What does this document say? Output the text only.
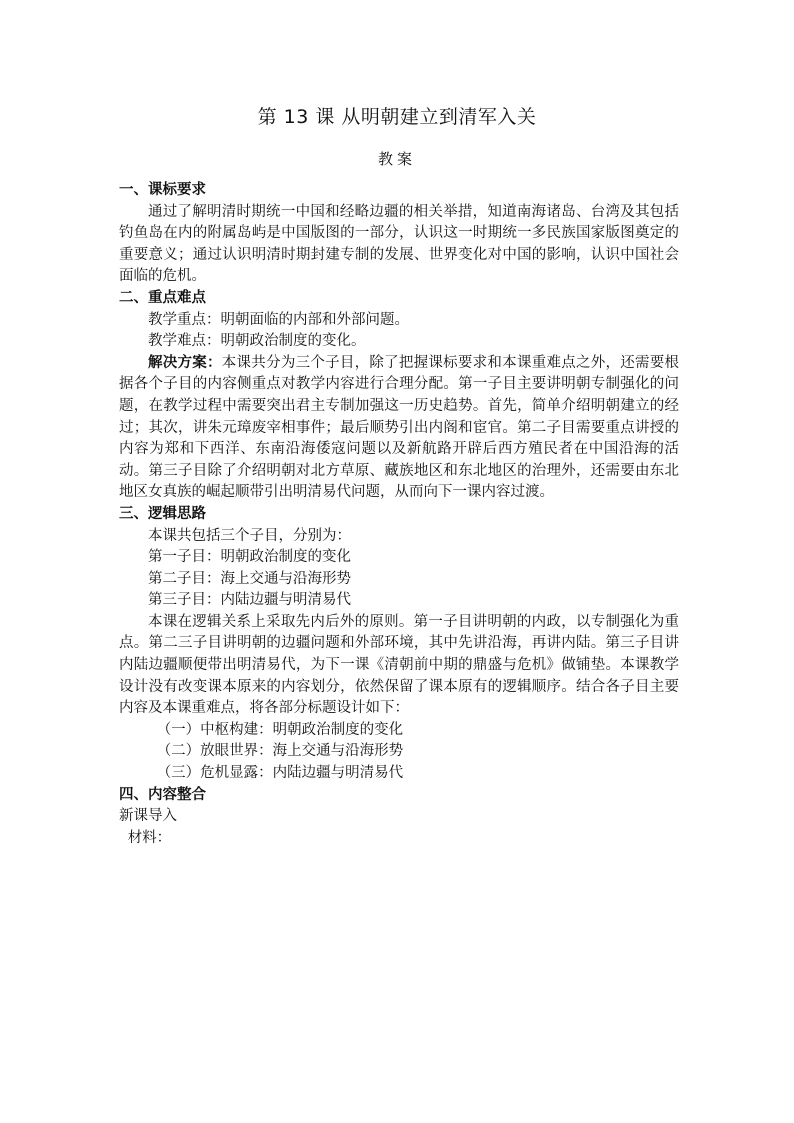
第 13 课 从明朝建立到清军入关
教案

一、课标要求

通过了解明清时期统一中国和经略边疆的相关举措，知道南海诸岛、台湾及其包括钓鱼岛在内的附属岛屿是中国版图的一部分，认识这一时期统一多民族国家版图奠定的重要意义；通过认识明清时期封建专制的发展、世界变化对中国的影响，认识中国社会面临的危机。

二、重点难点

教学重点：明朝面临的内部和外部问题。

教学难点：明朝政治制度的变化。

解决方案：本课共分为三个子目，除了把握课标要求和本课重难点之外，还需要根据各个子目的内容侧重点对教学内容进行合理分配。第一子目主要讲明朝专制强化的问题，在教学过程中需要突出君主专制加强这一历史趋势。首先，简单介绍明朝建立的经过；其次，讲朱元璋废宰相事件；最后顺势引出内阁和宦官。第二子目需要重点讲授的内容为郑和下西洋、东南沿海倭寇问题以及新航路开辟后西方殖民者在中国沿海的活动。第三子目除了介绍明朝对北方草原、藏族地区和东北地区的治理外，还需要由东北地区女真族的崛起顺带引出明清易代问题，从而向下一课内容过渡。

三、逻辑思路

本课共包括三个子目，分别为：

第一子目：明朝政治制度的变化

第二子目：海上交通与沿海形势

第三子目：内陆边疆与明清易代

本课在逻辑关系上采取先内后外的原则。第一子目讲明朝的内政，以专制强化为重点。第二三子目讲明朝的边疆问题和外部环境，其中先讲沿海，再讲内陆。第三子目讲内陆边疆顺便带出明清易代，为下一课《清朝前中期的鼎盛与危机》做铺垫。本课教学设计没有改变课本原来的内容划分，依然保留了课本原有的逻辑顺序。结合各子目主要内容及本课重难点，将各部分标题设计如下：

（一）中枢构建：明朝政治制度的变化

（二）放眼世界：海上交通与沿海形势

（三）危机显露：内陆边疆与明清易代

四、内容整合

新课导入

材料：
